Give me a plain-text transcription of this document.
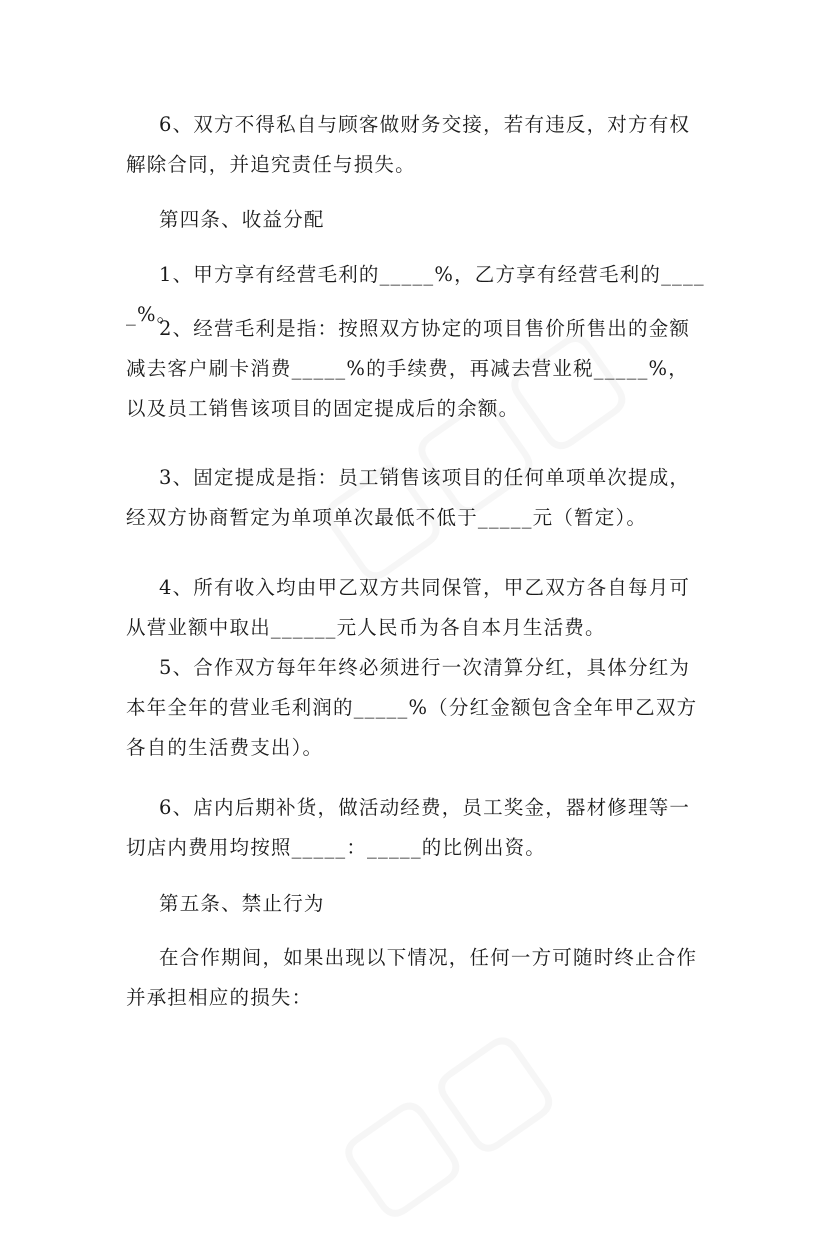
6、双方不得私自与顾客做财务交接，若有违反，对方有权解除合同，并追究责任与损失。

第四条、收益分配

1、甲方享有经营毛利的_____%，乙方享有经营毛利的_____%。

2、经营毛利是指：按照双方协定的项目售价所售出的金额减去客户刷卡消费_____%的手续费，再减去营业税_____%，以及员工销售该项目的固定提成后的余额。

3、固定提成是指：员工销售该项目的任何单项单次提成，经双方协商暂定为单项单次最低不低于_____元（暂定）。

4、所有收入均由甲乙双方共同保管，甲乙双方各自每月可从营业额中取出______元人民币为各自本月生活费。

5、合作双方每年年终必须进行一次清算分红，具体分红为本年全年的营业毛利润的_____%（分红金额包含全年甲乙双方各自的生活费支出）。

6、店内后期补货，做活动经费，员工奖金，器材修理等一切店内费用均按照_____：_____的比例出资。

第五条、禁止行为

在合作期间，如果出现以下情况，任何一方可随时终止合作并承担相应的损失：
